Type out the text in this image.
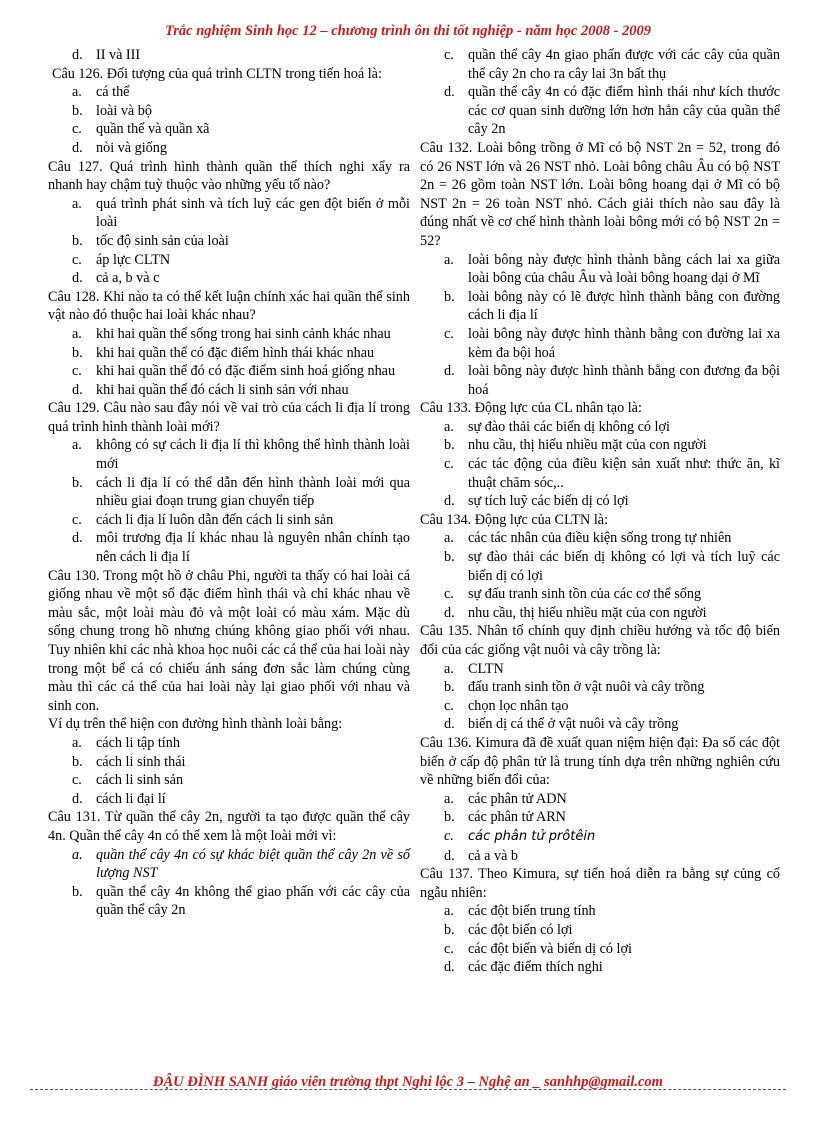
Trắc nghiệm Sinh học 12 – chương trình ôn thi tốt nghiệp - năm học 2008 - 2009
d. II và III

Câu 126. Đối tượng của quá trình CLTN trong tiến hoá là:

a. cá thể
b. loài và bộ
c. quần thể và quần xã
d. nòi và giống

Câu 127. Quá trình hình thành quần thể thích nghi xẩy ra nhanh hay chậm tuỳ thuộc vào những yếu tố nào?

a. quá trình phát sinh và tích luỹ các gen đột biến ở mỗi loài
b. tốc độ sinh sản của loài
c. áp lực CLTN
d. cả a, b và c

Câu 128. Khi nào ta có thể kết luận chính xác hai quần thể sinh vật nào đó thuộc hai loài khác nhau?

a. khi hai quần thể sống trong hai sinh cảnh khác nhau
b. khi hai quần thể có đặc điểm hình thái khác nhau
c. khi hai quần thể đó có đặc điểm sinh hoá giống nhau
d. khi hai quần thể đó cách li sinh sản với nhau

Câu 129. Câu nào sau đây nói về vai trò của cách li địa lí trong quá trình hình thành loài mới?

a. không có sự cách li địa lí thì không thể hình thành loài mới
b. cách li địa lí có thể dẫn đến hình thành loài mới qua nhiều giai đoạn trung gian chuyển tiếp
c. cách li địa lí luôn dẫn đến cách li sinh sản
d. môi trương địa lí khác nhau là nguyên nhân chính tạo nên cách li địa lí

Câu 130. Trong một hồ ở châu Phi, người ta thấy có hai loài cá giống nhau về một số đặc điểm hình thái và chỉ khác nhau về màu sắc, một loài màu đỏ và một loài có màu xám. Mặc dù sống chung trong hồ nhưng chúng không giao phối với nhau. Tuy nhiên khi các nhà khoa học nuôi các cá thể của hai loài này trong một bể cá có chiếu ánh sáng đơn sắc làm chúng cùng màu thì các cá thể của hai loài này lại giao phối với nhau và sinh con.

Ví dụ trên thể hiện con đường hình thành loài bằng:

a. cách li tập tính
b. cách li sinh thái
c. cách li sinh sản
d. cách li đại lí

Câu 131. Từ quần thể cây 2n, người ta tạo được quần thể cây 4n. Quần thể cây 4n có thể xem là một loài mới vì:

a. quần thể cây 4n có sự khác biệt quần thể cây 2n về số lượng NST
b. quần thể cây 4n không thể giao phấn với các cây của quần thể cây 2n
c. quần thể cây 4n giao phấn được với các cây của quần thể cây 2n cho ra cây lai 3n bất thụ
d. quần thể cây 4n có đặc điểm hình thái như kích thước các cơ quan sinh dưỡng lớn hơn hẳn cây của quần thể cây 2n

Câu 132. Loài bông trồng ở Mĩ có bộ NST 2n = 52, trong đó có 26 NST lớn và 26 NST nhỏ. Loài bông châu Âu có bộ NST 2n = 26 gồm toàn NST lớn. Loài bông hoang dại ở Mĩ có bộ NST 2n = 26 toàn NST nhỏ. Cách giải thích nào sau đây là đúng nhất về cơ chế hình thành loài bông mới có bộ NST 2n = 52?

a. loài bông này được hình thành bằng cách lai xa giữa loài bông của châu Âu và loài bông hoang dại ở Mĩ
b. loài bông này có lẽ được hình thành bằng con đường cách li địa lí
c. loài bông này được hình thành bằng con đường lai xa kèm đa bội hoá
d. loài bông này được hình thành bằng con đương đa bội hoá

Câu 133. Động lực của CL nhân tạo là:

a. sự đào thải các biến dị không có lợi
b. nhu cầu, thị hiếu nhiều mặt của con người
c. các tác động của điều kiện sản xuất như: thức ăn, kĩ thuật chăm sóc,..
d. sự tích luỹ các biến dị có lợi

Câu 134. Động lực của CLTN là:

a. các tác nhân của điều kiện sống trong tự nhiên
b. sự đào thải các biến dị không có lợi và tích luỹ các biến dị có lợi
c. sự đấu tranh sinh tồn của các cơ thể sống
d. nhu cầu, thị hiếu nhiều mặt của con người

Câu 135. Nhân tố chính quy định chiều hướng và tốc độ biến đổi của các giống vật nuôi và cây trồng là:

a. CLTN
b. đấu tranh sinh tồn ở vật nuôi và cây trồng
c. chọn lọc nhân tạo
d. biến dị cá thể ở vật nuôi và cây trồng

Câu 136. Kimura đã đề xuất quan niệm hiện đại: Đa số các đột biến ở cấp độ phân tử là trung tính dựa trên những nghiên cứu về những biến đổi của:

a. các phân tử ADN
b. các phân tử ARN
c. các phân tử prôtêin
d. cả a và b

Câu 137. Theo Kimura, sự tiến hoá diễn ra bằng sự củng cố ngẫu nhiên:

a. các đột biến trung tính
b. các đột biến có lợi
c. các đột biến và biến dị có lợi
d. các đặc điểm thích nghi
ĐẬU ĐÌNH SANH giáo viên trường thpt Nghi lộc 3 – Nghệ an _ sanhhp@gmail.com
